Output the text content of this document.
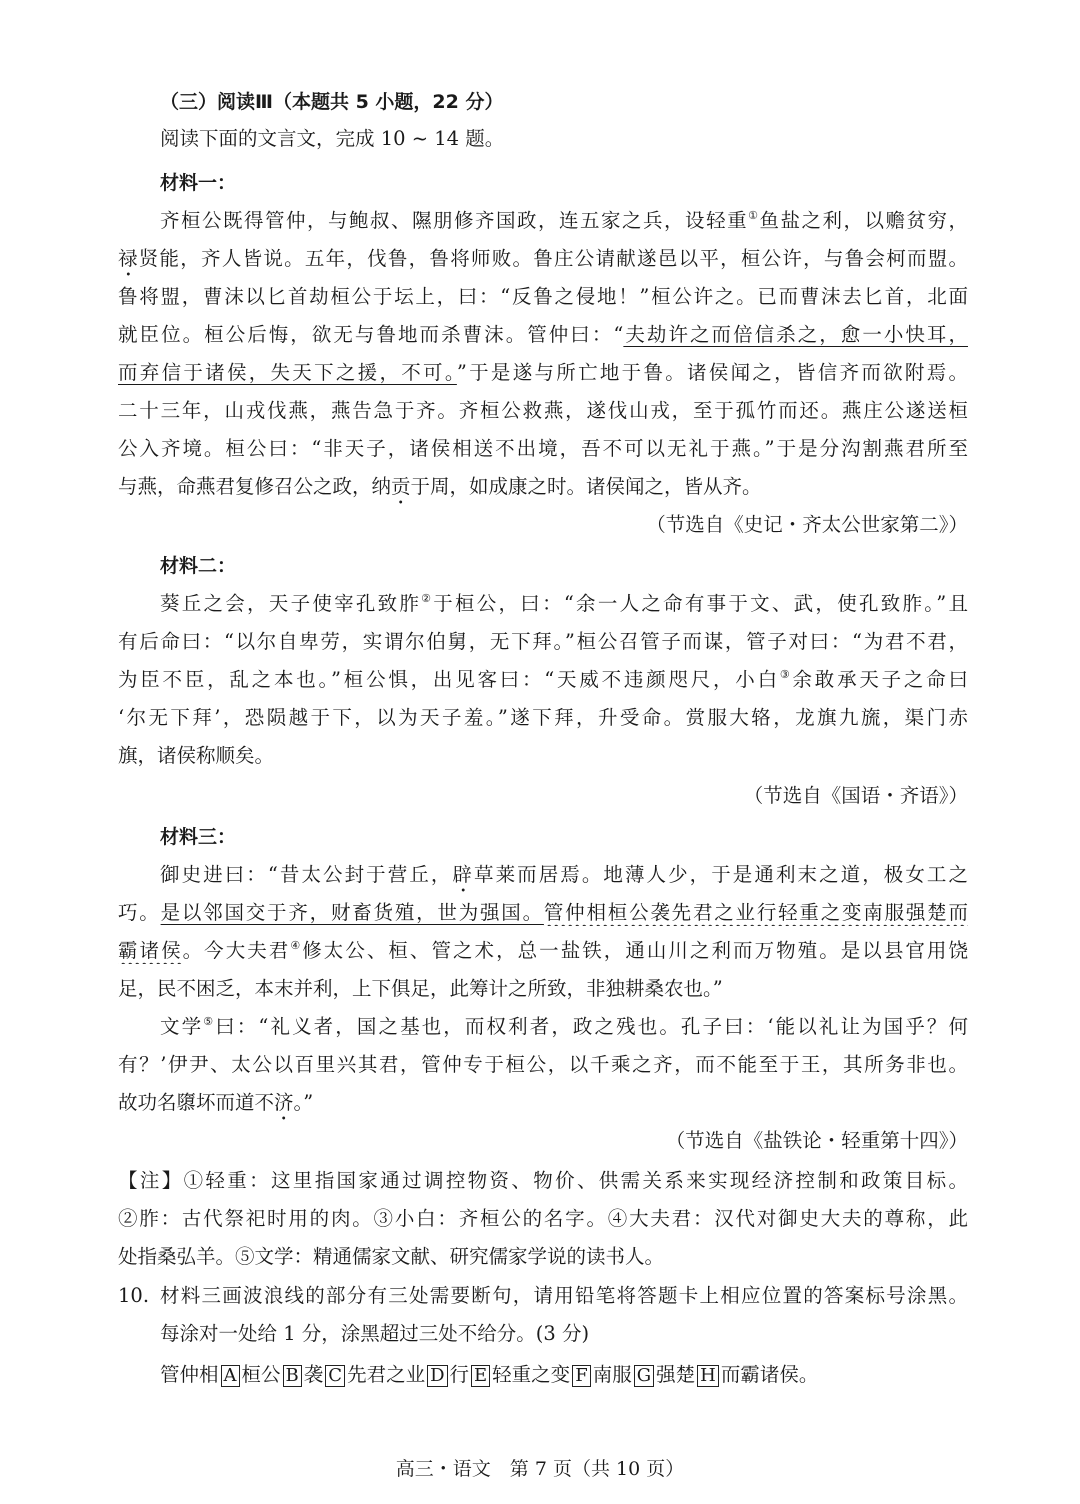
（三）阅读Ⅲ（本题共 5 小题，22 分）
阅读下面的文言文，完成 10 ~ 14 题。
材料一：
齐桓公既得管仲，与鲍叔、隰朋修齐国政，连五家之兵，设轻重①鱼盐之利，以赡贫穷，
禄贤能，齐人皆说。五年，伐鲁，鲁将师败。鲁庄公请献遂邑以平，桓公许，与鲁会柯而盟。
鲁将盟，曹沫以匕首劫桓公于坛上，曰：“反鲁之侵地！”桓公许之。已而曹沫去匕首，北面
就臣位。桓公后悔，欲无与鲁地而杀曹沫。管仲曰：“夫劫许之而倍信杀之，愈一小快耳，
而弃信于诸侯，失天下之援，不可。”于是遂与所亡地于鲁。诸侯闻之，皆信齐而欲附焉。
二十三年，山戎伐燕，燕告急于齐。齐桓公救燕，遂伐山戎，至于孤竹而还。燕庄公遂送桓
公入齐境。桓公曰：“非天子，诸侯相送不出境，吾不可以无礼于燕。”于是分沟割燕君所至
与燕，命燕君复修召公之政，纳贡于周，如成康之时。诸侯闻之，皆从齐。
（节选自《史记・齐太公世家第二》）
材料二：
葵丘之会，天子使宰孔致胙②于桓公，曰：“余一人之命有事于文、武，使孔致胙。”且
有后命曰：“以尔自卑劳，实谓尔伯舅，无下拜。”桓公召管子而谋，管子对曰：“为君不君，
为臣不臣，乱之本也。”桓公惧，出见客曰：“天威不违颜咫尺，小白③余敢承天子之命曰
‘尔无下拜’，恐陨越于下，以为天子羞。”遂下拜，升受命。赏服大辂，龙旗九旒，渠门赤
旗，诸侯称顺矣。
（节选自《国语・齐语》）
材料三：
御史进曰：“昔太公封于营丘，辟草莱而居焉。地薄人少，于是通利末之道，极女工之
巧。是以邻国交于齐，财畜货殖，世为强国。管仲相桓公袭先君之业行轻重之变南服强楚而
霸诸侯。今大夫君④修太公、桓、管之术，总一盐铁，通山川之利而万物殖。是以县官用饶
足，民不困乏，本末并利，上下俱足，此筹计之所致，非独耕桑农也。”
文学⑤曰：“礼义者，国之基也，而权利者，政之残也。孔子曰：‘能以礼让为国乎？何
有？’伊尹、太公以百里兴其君，管仲专于桓公，以千乘之齐，而不能至于王，其所务非也。
故功名隳坏而道不济。”
（节选自《盐铁论・轻重第十四》）
【注】①轻重：这里指国家通过调控物资、物价、供需关系来实现经济控制和政策目标。
②胙：古代祭祀时用的肉。③小白：齐桓公的名字。④大夫君：汉代对御史大夫的尊称，此
处指桑弘羊。⑤文学：精通儒家文献、研究儒家学说的读书人。
10. 材料三画波浪线的部分有三处需要断句，请用铅笔将答题卡上相应位置的答案标号涂黑。
每涂对一处给 1 分，涂黑超过三处不给分。(3 分)
管仲相 A 桓公 B 袭 C 先君之业 D 行 E 轻重之变 F 南服 G 强楚 H 而霸诸侯。
高三・语文　第 7 页（共 10 页）
